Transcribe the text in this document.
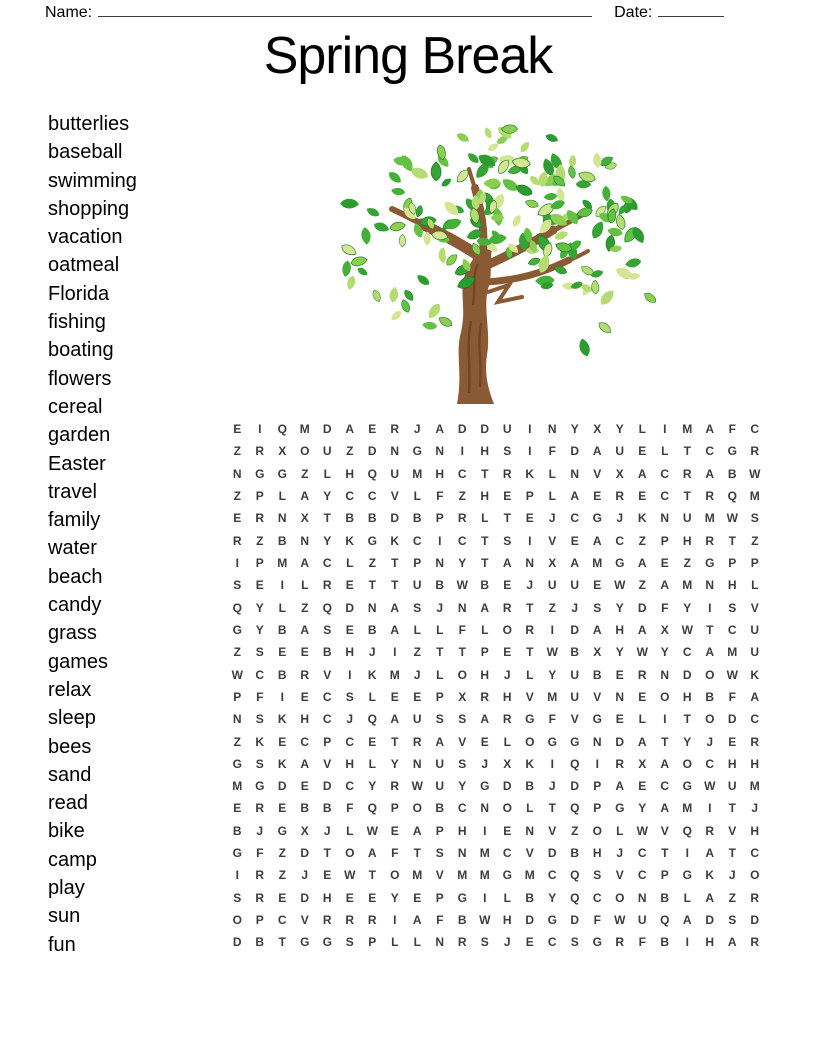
Name:	Date:
Spring Break
butterlies
baseball
swimming
shopping
vacation
oatmeal
Florida
fishing
boating
flowers
cereal
garden
Easter
travel
family
water
beach
candy
grass
games
relax
sleep
bees
sand
read
bike
camp
play
sun
fun
E	I	Q	M	D	A	E	R	J	A	D	D	U	I	N	Y	X	Y	L	I	M	A	F	C
Z	R	X	O	U	Z	D	N	G	N	I	H	S	I	F	D	A	U	E	L	T	C	G	R
N	G	G	Z	L	H	Q	U	M	H	C	T	R	K	L	N	V	X	A	C	R	A	B	W
Z	P	L	A	Y	C	C	V	L	F	Z	H	E	P	L	A	E	R	E	C	T	R	Q	M
E	R	N	X	T	B	B	D	B	P	R	L	T	E	J	C	G	J	K	N	U	M W	S
R	Z	B	N	Y	K	G	K	C	I	C	T	S	I	V	E	A	C	Z	P	H	R	T	Z
I	P	M	A	C	L	Z	T	P	N	Y	T	A	N	X	A	M	G	A	E	Z	G	P	P
S	E	I	L	R	E	T	T	U	B	W	B	E	J	U	U	E	W	Z	A	M	N	H	L
Q	Y	L	Z	Q	D	N	A	S	J	N	A	R	T	Z	J	S	Y	D	F	Y	I	S	V
G	Y	B	A	S	E	B	A	L	L	F	L	O	R	I	D	A	H	A	X	W	T	C	U
Z	S	E	E	B	H	J	I	Z	T	T	P	E	T	W	B	X	Y	W	Y	C	A	M	U
W	C	B	R	V	I	K	M	J	L	O	H	J	L	Y	U	B	E	R	N	D	O	W	K
P	F	I	E	C	S	L	E	E	P	X	R	H	V	M	U	V	N	E	O	H	B	F	A
N	S	K	H	C	J	Q	A	U	S	S	A	R	G	F	V	G	E	L	I	T	O	D	C
Z	K	E	C	P	C	E	T	R	A	V	E	L	O	G	G	N	D	A	T	Y	J	E	R
G	S	K	A	V	H	L	Y	N	U	S	J	X	K	I	Q	I	R	X	A	O	C	H	H
M	G	D	E	D	C	Y	R	W	U	Y	G	D	B	J	D	P	A	E	C	G	W	U	M
E	R	E	B	B	F	Q	P	O	B	C	N	O	L	T	Q	P	G	Y	A	M	I	T	J
B	J	G	X	J	L	W	E	A	P	H	I	E	N	V	Z	O	L	W	V	Q	R	V	H
G	F	Z	D	T	O	A	F	T	S	N	M	C	V	D	B	H	J	C	T	I	A	T	C
I	R	Z	J	E	W	T	O	M	V	M	M	G	M	C	Q	S	V	C	P	G	K	J	O
S	R	E	D	H	E	E	Y	E	P	G	I	L	B	Y	Q	C	O	N	B	L	A	Z	R
O	P	C	V	R	R	R	I	A	F	B	W	H	D	G	D	F	W	U	Q	A	D	S	D
D	B	T	G	G	S	P	L	L	N	R	S	J	E	C	S	G	R	F	B	I	H	A	R
